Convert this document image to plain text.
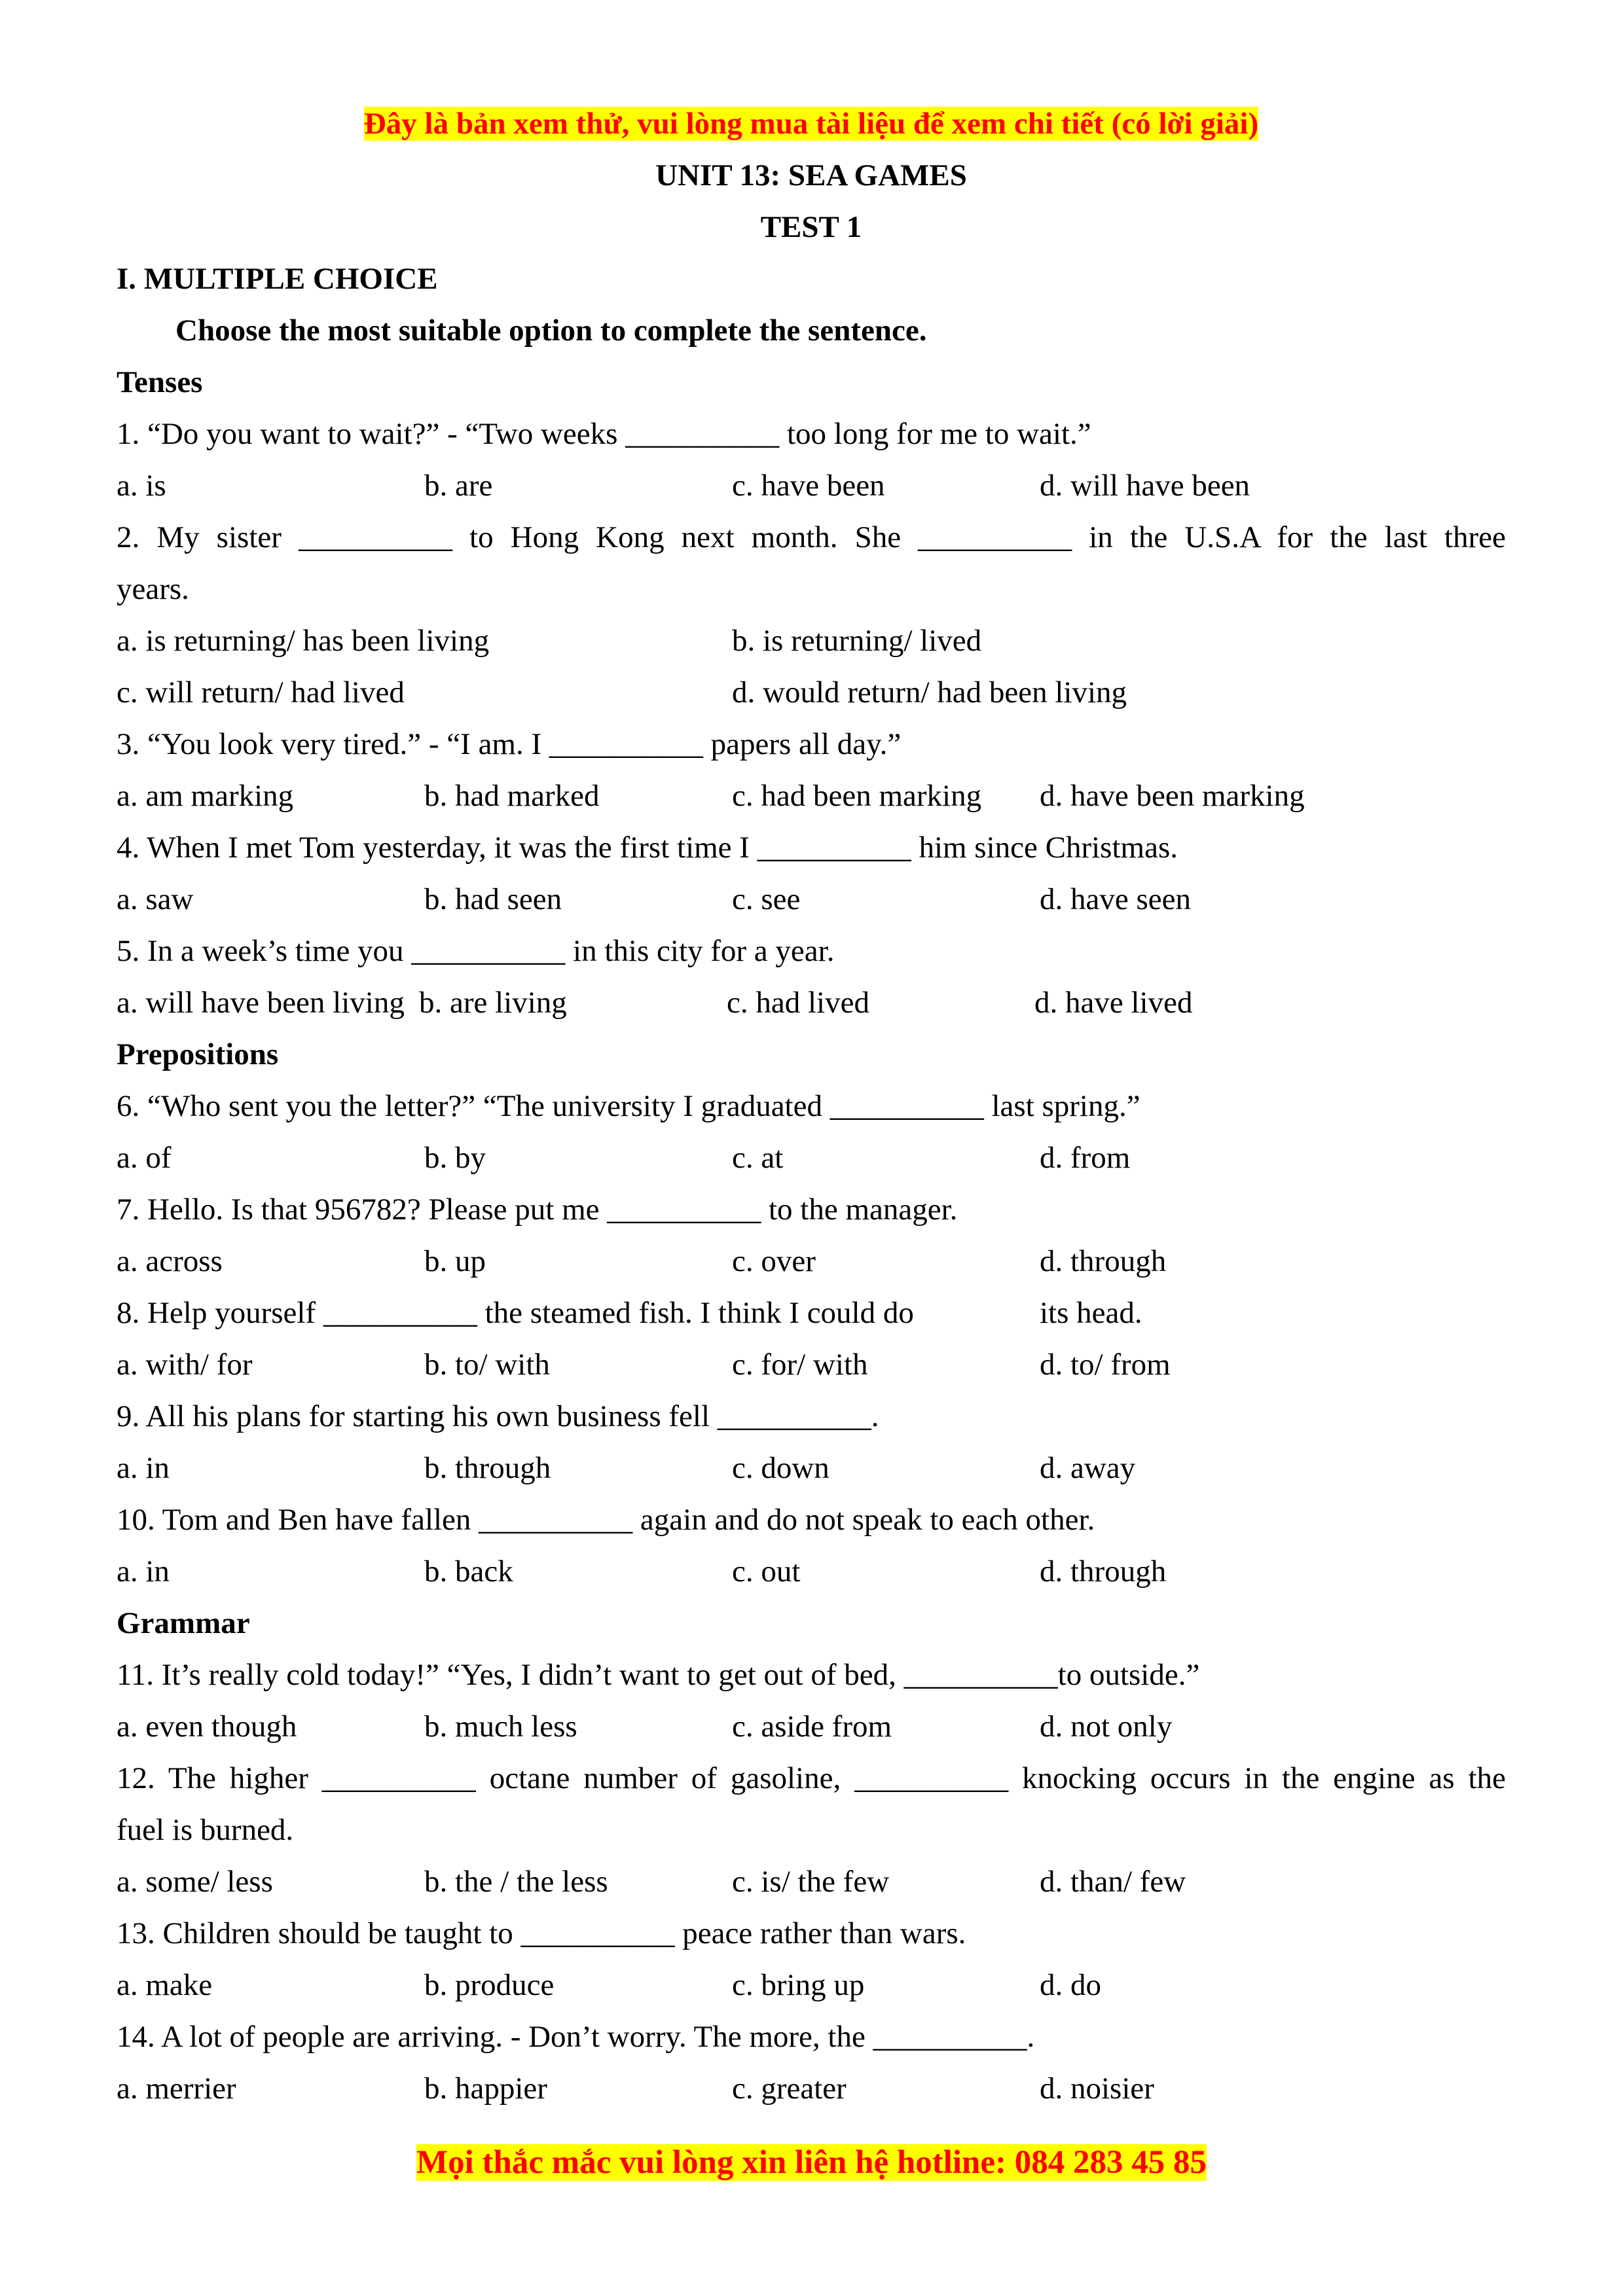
Đây là bản xem thử, vui lòng mua tài liệu để xem chi tiết (có lời giải)
UNIT 13: SEA GAMES
TEST 1
I. MULTIPLE CHOICE
Choose the most suitable option to complete the sentence.
Tenses
1. “Do you want to wait?” - “Two weeks __________ too long for me to wait.”
a. is	b. are	c. have been	d. will have been
2. My sister __________ to Hong Kong next month. She __________ in the U.S.A for the last three
years.
a. is returning/ has been living	b. is returning/ lived
c. will return/ had lived	d. would return/ had been living
3. “You look very tired.” - “I am. I __________ papers all day.”
a. am marking	b. had marked	c. had been marking	d. have been marking
4. When I met Tom yesterday, it was the first time I __________ him since Christmas.
a. saw	b. had seen	c. see	d. have seen
5. In a week’s time you __________ in this city for a year.
a. will have been living b. are living	c. had lived	d. have lived
Prepositions
6. “Who sent you the letter?” “The university I graduated __________ last spring.”
a. of	b. by	c. at	d. from
7. Hello. Is that 956782? Please put me __________ to the manager.
a. across	b. up	c. over	d. through
8. Help yourself __________ the steamed fish. I think I could do	its head.
a. with/ for	b. to/ with	c. for/ with	d. to/ from
9. All his plans for starting his own business fell __________.
a. in	b. through	c. down	d. away
10. Tom and Ben have fallen __________ again and do not speak to each other.
a. in	b. back	c. out	d. through
Grammar
11. It’s really cold today!” “Yes, I didn’t want to get out of bed, __________to outside.”
a. even though	b. much less	c. aside from	d. not only
12. The higher __________ octane number of gasoline, __________ knocking occurs in the engine as the
fuel is burned.
a. some/ less	b. the / the less	c. is/ the few	d. than/ few
13. Children should be taught to __________ peace rather than wars.
a. make	b. produce	c. bring up	d. do
14. A lot of people are arriving. - Don’t worry. The more, the __________.
a. merrier	b. happier	c. greater	d. noisier
Mọi thắc mắc vui lòng xin liên hệ hotline: 084 283 45 85
